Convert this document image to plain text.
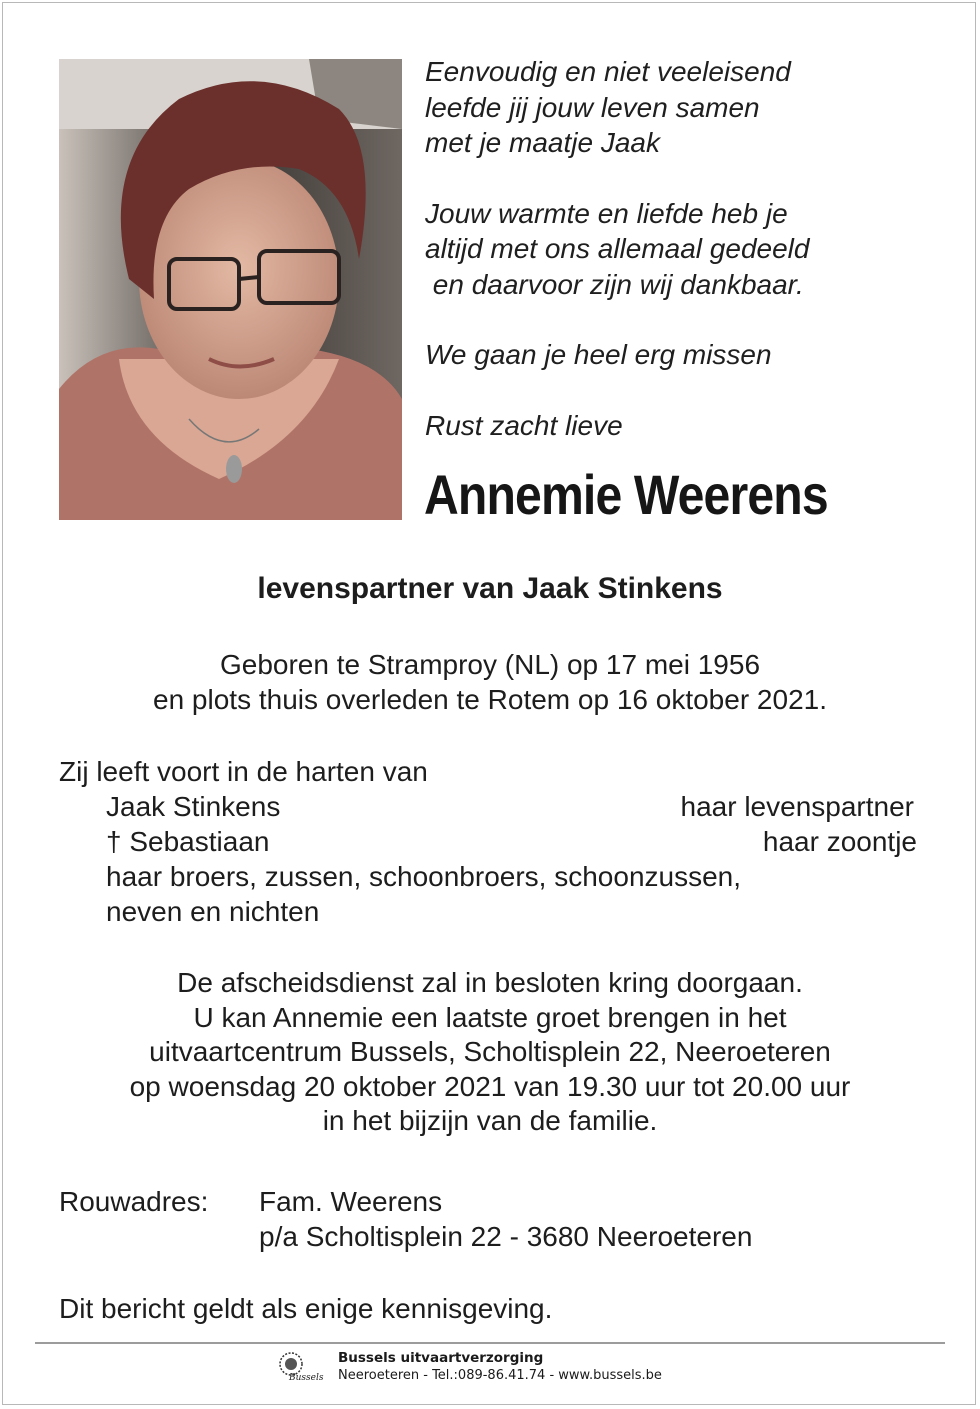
Eenvoudig en niet veeleisend
leefde jij jouw leven samen
met je maatje Jaak

Jouw warmte en liefde heb je
altijd met ons allemaal gedeeld
en daarvoor zijn wij dankbaar.

We gaan je heel erg missen

Rust zacht lieve

Annemie Weerens
levenspartner van Jaak Stinkens
Geboren te Stramproy (NL) op 17 mei 1956
en plots thuis overleden te Rotem op 16 oktober 2021.
Zij leeft voort in de harten van
Jaak Stinkens	haar levenspartner
† Sebastiaan	haar zoontje
haar broers, zussen, schoonbroers, schoonzussen,
neven en nichten
De afscheidsdienst zal in besloten kring doorgaan.
U kan Annemie een laatste groet brengen in het
uitvaartcentrum Bussels, Scholtisplein 22, Neeroeteren
op woensdag 20 oktober 2021 van 19.30 uur tot 20.00 uur
in het bijzijn van de familie.
Rouwadres: Fam. Weerens
p/a Scholtisplein 22 - 3680 Neeroeteren
Dit bericht geldt als enige kennisgeving.
Bussels
Bussels uitvaartverzorging
Neeroeteren - Tel.:089-86.41.74 - www.bussels.be
